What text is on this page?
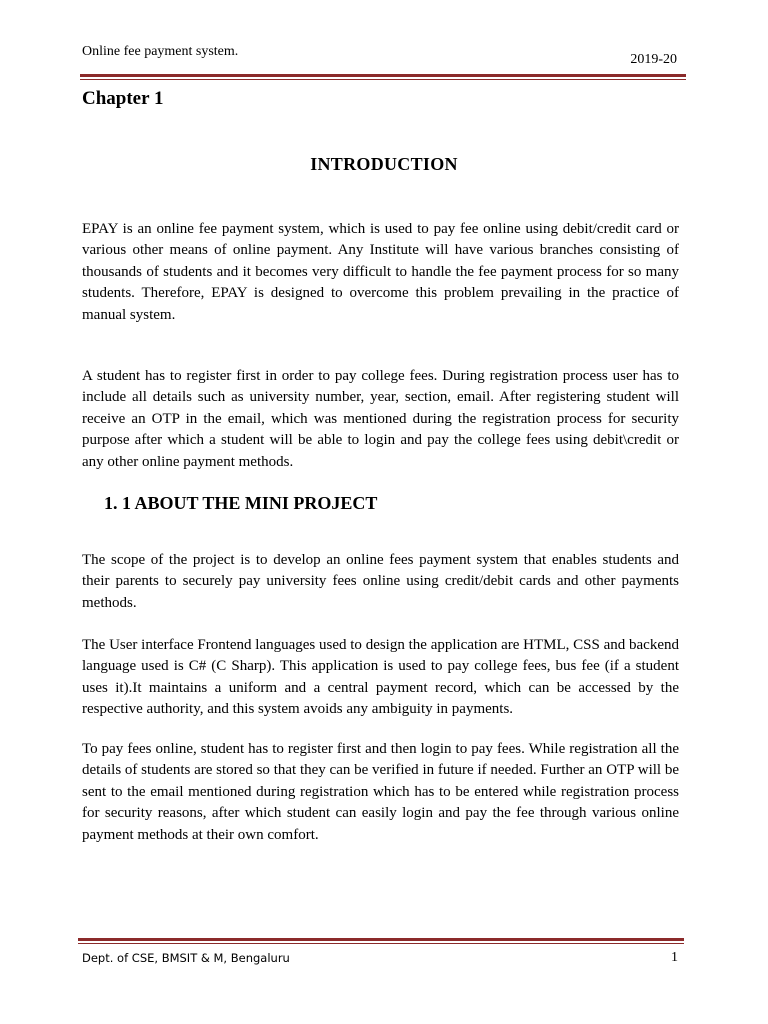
Online fee payment system.
2019-20
Chapter 1
INTRODUCTION

EPAY is an online fee payment system, which is used to pay fee online using debit/credit card or various other means of online payment. Any Institute will have various branches consisting of thousands of students and it becomes very difficult to handle the fee payment process for so many students. Therefore, EPAY is designed to overcome this problem prevailing in the practice of manual system.

A student has to register first in order to pay college fees. During registration process user has to include all details such as university number, year, section, email. After registering student will receive an OTP in the email, which was mentioned during the registration process for security purpose after which a student will be able to login and pay the college fees using debit\credit or any other online payment methods.

1. 1 ABOUT THE MINI PROJECT

The scope of the project is to develop an online fees payment system that enables students and their parents to securely pay university fees online using credit/debit cards and other payments methods.

The User interface Frontend languages used to design the application are HTML, CSS and backend language used is C# (C Sharp). This application is used to pay college fees, bus fee (if a student uses it).It maintains a uniform and a central payment record, which can be accessed by the respective authority, and this system avoids any ambiguity in payments.

To pay fees online, student has to register first and then login to pay fees. While registration all the details of students are stored so that they can be verified in future if needed. Further an OTP will be sent to the email mentioned during registration which has to be entered while registration process for security reasons, after which student can easily login and pay the fee through various online payment methods at their own comfort.

Dept. of CSE, BMSIT & M, Bengaluru	1
